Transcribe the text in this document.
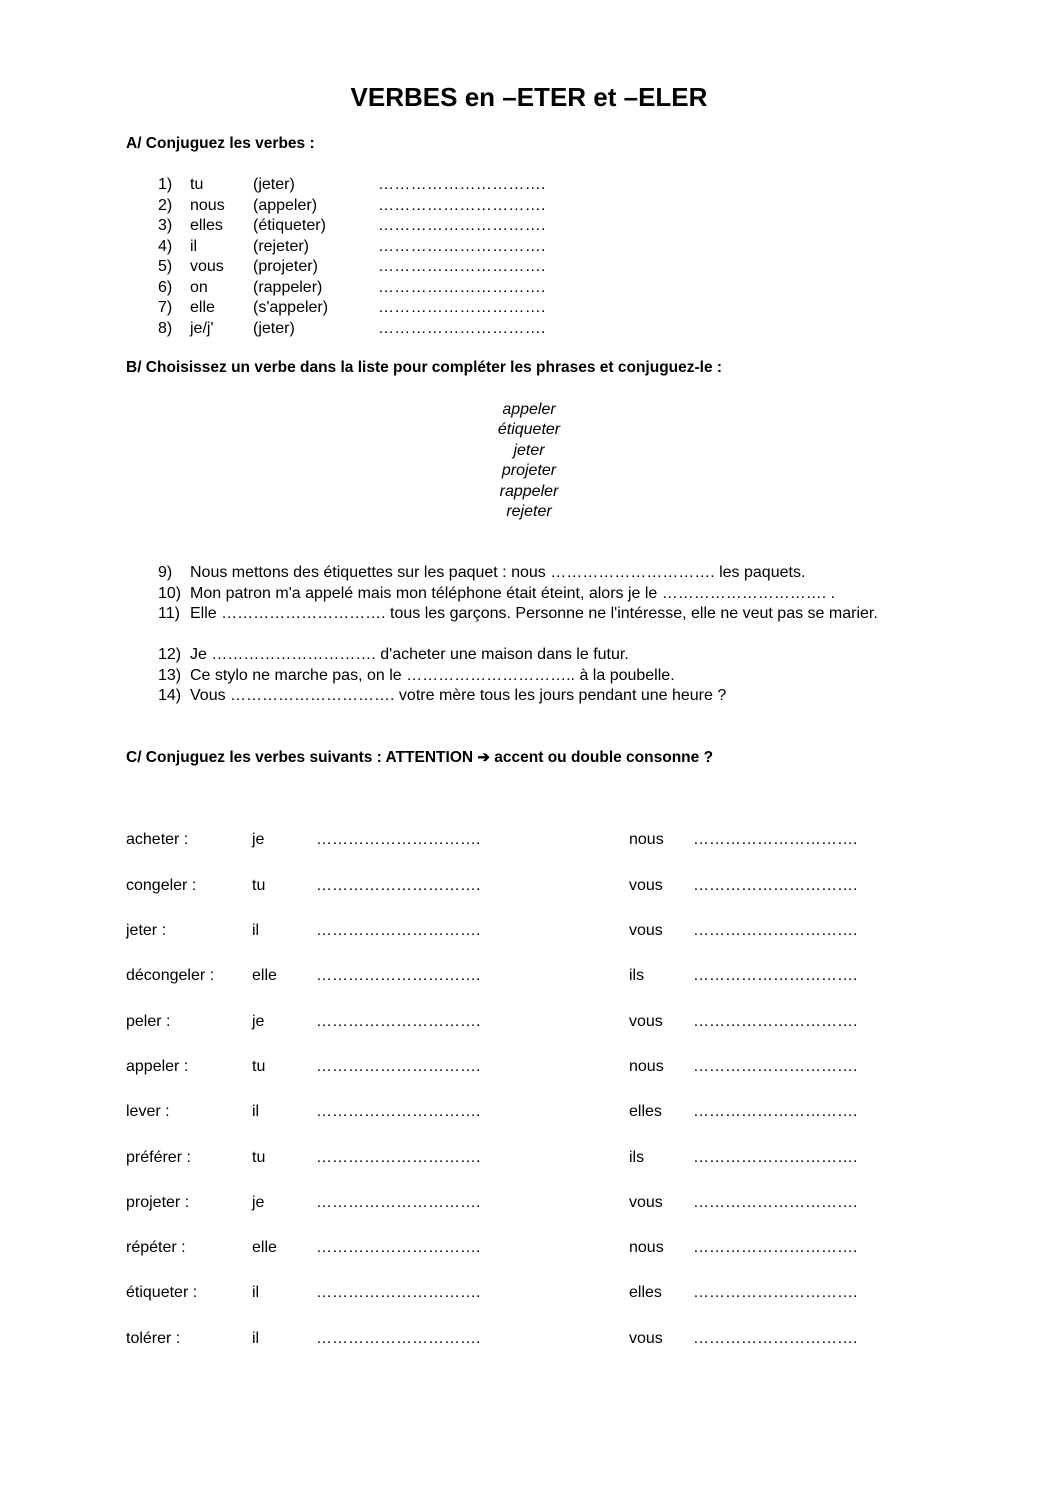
VERBES en –ETER et –ELER
A/ Conjuguez les verbes :
1) tu	(jeter)	………………………….
2) nous (appeler)	………………………….
3) elles (étiqueter)	………………………….
4) il	(rejeter)	………………………….
5) vous (projeter)	………………………….
6) on	(rappeler)	………………………….
7) elle (s'appeler)	………………………….
8) je/j' (jeter)	………………………….
B/ Choisissez un verbe dans la liste pour compléter les phrases et conjuguez-le :
appeler
étiqueter
jeter
projeter
rappeler
rejeter
9) Nous mettons des étiquettes sur les paquet : nous …………………………. les paquets.
10) Mon patron m'a appelé mais mon téléphone était éteint, alors je le …………………………. .
11) Elle …………………………. tous les garçons. Personne ne l'intéresse, elle ne veut pas se marier.
12) Je …………………………. d'acheter une maison dans le futur.
13) Ce stylo ne marche pas, on le ………………………….. à la poubelle.
14) Vous …………………………. votre mère tous les jours pendant une heure ?
C/ Conjuguez les verbes suivants : ATTENTION ➔ accent ou double consonne ?
acheter :	je	………………………….	nous ………………………….
congeler :	tu	………………………….	vous ………………………….
jeter :	il	………………………….	vous ………………………….
décongeler : elle ………………………….	ils	………………………….
peler :	je	………………………….	vous ………………………….
appeler :	tu	………………………….	nous ………………………….
lever :	il	………………………….	elles ………………………….
préférer :	tu	………………………….	ils	………………………….
projeter :	je	………………………….	vous ………………………….
répéter :	elle ………………………….	nous ………………………….
étiqueter :	il	………………………….	elles ………………………….
tolérer :	il	………………………….	vous ………………………….
